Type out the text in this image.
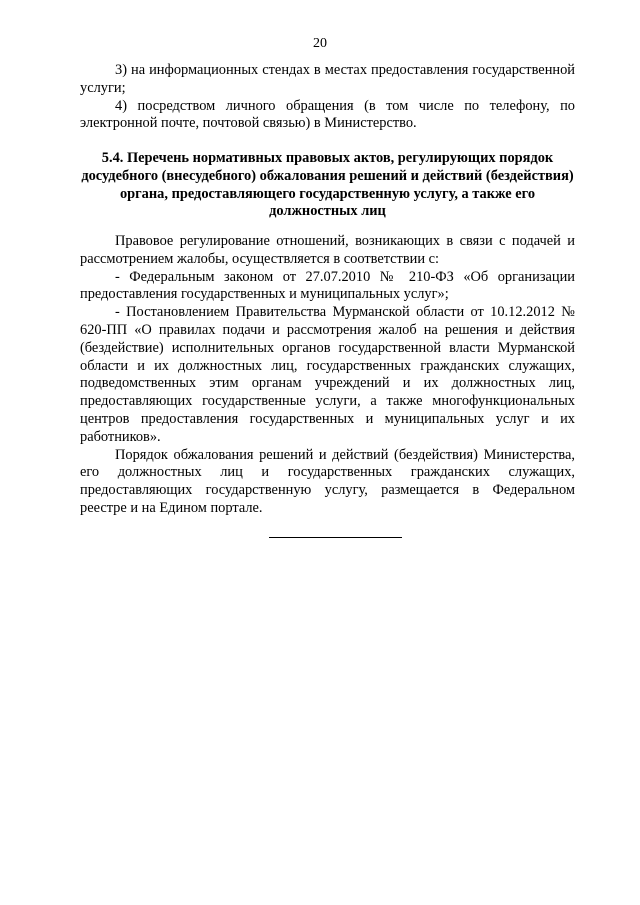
20

3) на информационных стендах в местах предоставления государственной услуги;

4) посредством личного обращения (в том числе по телефону, по электронной почте, почтовой связью) в Министерство.

5.4. Перечень нормативных правовых актов, регулирующих порядок досудебного (внесудебного) обжалования решений и действий (бездействия) органа, предоставляющего государственную услугу, а также его должностных лиц

Правовое регулирование отношений, возникающих в связи с подачей и рассмотрением жалобы, осуществляется в соответствии с:

- Федеральным законом от 27.07.2010 № 210-ФЗ «Об организации предоставления государственных и муниципальных услуг»;

- Постановлением Правительства Мурманской области от 10.12.2012 № 620-ПП «О правилах подачи и рассмотрения жалоб на решения и действия (бездействие) исполнительных органов государственной власти Мурманской области и их должностных лиц, государственных гражданских служащих, подведомственных этим органам учреждений и их должностных лиц, предоставляющих государственные услуги, а также многофункциональных центров предоставления государственных и муниципальных услуг и их работников».

Порядок обжалования решений и действий (бездействия) Министерства, его должностных лиц и государственных гражданских служащих, предоставляющих государственную услугу, размещается в Федеральном реестре и на Едином портале.
